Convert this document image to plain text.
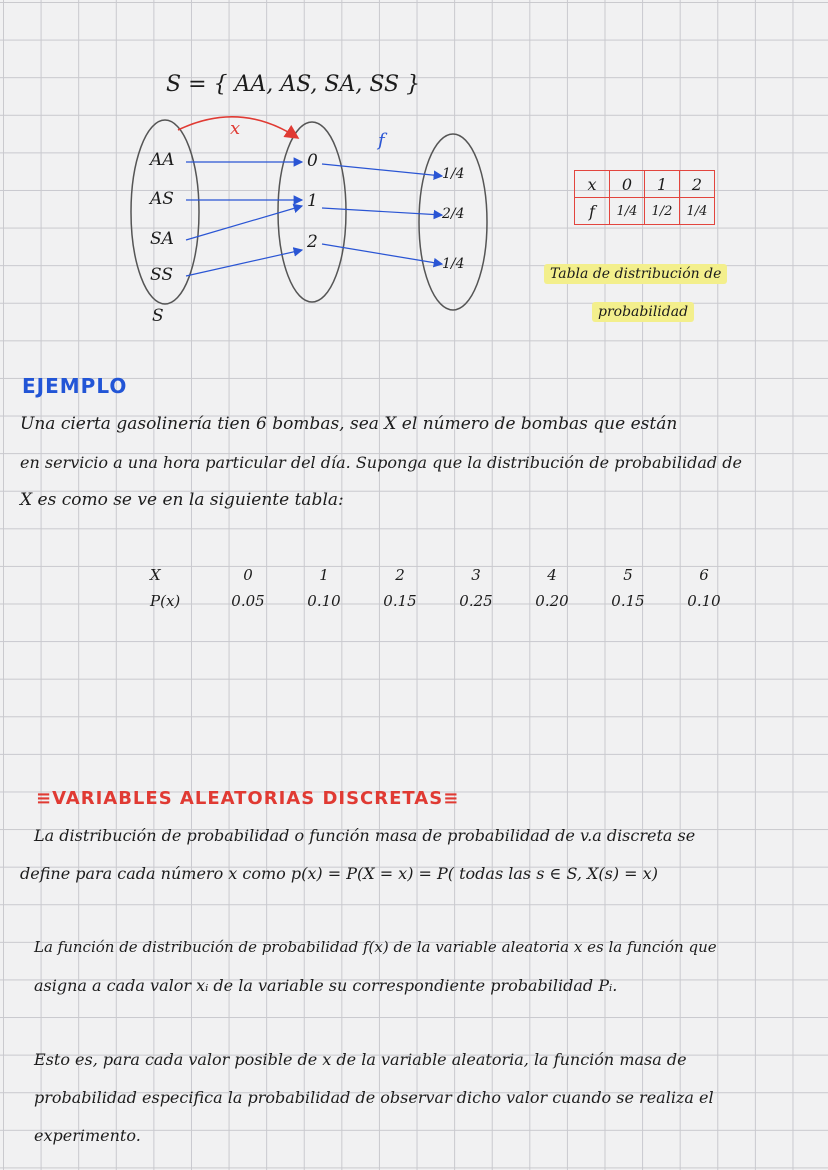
S = { AA, AS, SA, SS }
x
f
AA
AS
SA
SS
S
0
1
2
1/4
2/4
1/4
x	0	1	2
f	1/4	1/2	1/4
Tabla de distribución de
probabilidad
EJEMPLO
Una cierta gasolinería tien 6 bombas, sea X el número de bombas que están
en servicio a una hora particular del día. Suponga que la distribución de probabilidad de
X es como se ve en la siguiente tabla:
X	0	1	2	3	4	5	6
P(x)	0.05	0.10	0.15	0.25	0.20	0.15	0.10
≡VARIABLES ALEATORIAS DISCRETAS≡
La distribución de probabilidad o función masa de probabilidad de v.a discreta se
define para cada número x como p(x) = P(X = x) = P( todas las s ∈ S, X(s) = x)
La función de distribución de probabilidad f(x) de la variable aleatoria x es la función que
asigna a cada valor xᵢ de la variable su correspondiente probabilidad Pᵢ.
Esto es, para cada valor posible de x de la variable aleatoria, la función masa de
probabilidad especifica la probabilidad de observar dicho valor cuando se realiza el
experimento.
